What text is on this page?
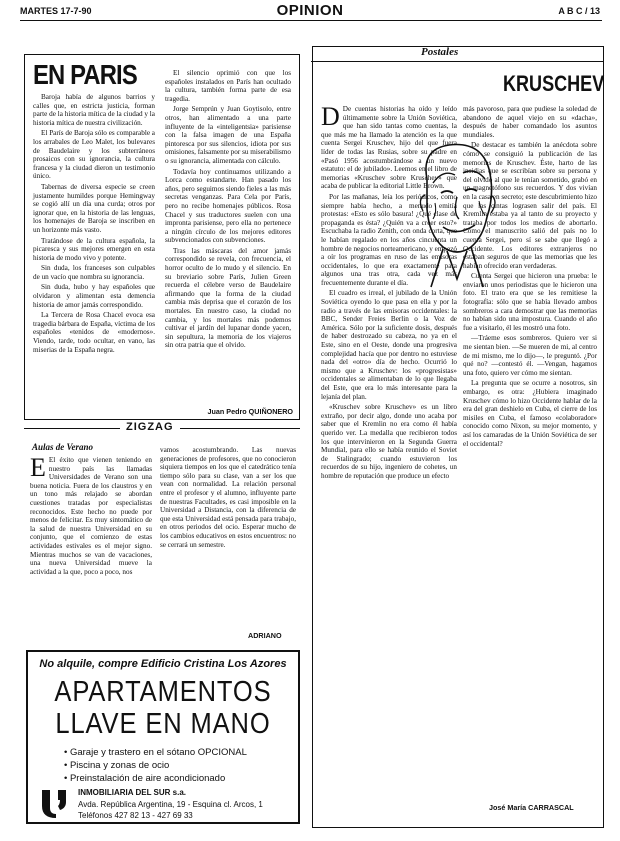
MARTES 17-7-90	OPINION	A B C / 13
EN PARIS

Baroja había de algunos barrios y calles que, en estricta justicia, forman parte de la historia mítica de la ciudad y la historia mítica de nuestra civilización.

El París de Baroja sólo es comparable a los arrabales de Leo Malet, los bulevares de Baudelaire y los subterráneos prosaicos con su ignorancia, la cultura francesa y la ciudad dieron un testimonio único.

Tabernas de diversa especie se creen justamente humildes porque Hemingway se cogió allí un día una curda; otros por ignorar que, en la historia de las lenguas, los homenajes de Baroja se inscriben en un horizonte más vasto.

Tratándose de la cultura española, la picaresca y sus mejores emergen en esta historia de modo vivo y potente.

Sin duda, los franceses son culpables de un vacío que nombra su ignorancia.

Sin duda, hubo y hay españoles que olvidaron y alimentan esta demencia historia de amor jamás correspondido.

La Tercera de Rosa Chacel evoca esa tragedia bárbara de España, víctima de los españoles «tenidos de «modernos». Viendo, tarde, todo ocultar, en vano, las miserias de la España negra.

El silencio oprimió con que los españoles instalados en París han ocultado la cultura, también forma parte de esa tragedia.

Jorge Semprún y Juan Goytisolo, entre otros, han alimentado a una parte influyente de la «inteligentsia» parisiense con la falsa imagen de una España pintoresca por sus silencios, idiota por sus omisiones, falsamente por su miserabilismo o su ignorancia, alimentada con cálculo.

Todavía hoy continuamos utilizando a Lorca como estandarte. Han pasado los años, pero seguimos siendo fieles a las más secretas venganzas. Para Cela por París, pero no recibe homenajes públicos. Rosa Chacel y sus traductores suelen con una impronta parisiense, pero ella no pertenece a ningún círculo de los mejores editores subvencionados con subvenciones.

Tras las máscaras del amor jamás correspondido se revela, con frecuencia, el horror oculto de lo mudo y el silencio. En su breviario sobre París, Julien Green recuerda el célebre verso de Baudelaire afirmando que la forma de la ciudad cambia más deprisa que el corazón de los mortales. En nuestro caso, la ciudad no cambia, y los mortales más podemos cultivar el jardín del lupanar donde yacen, sin sepultura, la memoria de los viajeros sin otra patria que el olvido.

Juan Pedro QUIÑONERO
ZIGZAG
Aulas de Verano

E El éxito que vienen teniendo en nuestro país las llamadas Universidades de Verano son una buena noticia. Fuera de los claustros y en un tono más relajado se abordan cuestiones tratadas por especialistas reconocidos. Este hecho no puede por menos de felicitar. Es muy sintomático de la salud de nuestra Universidad en su conjunto, que el comienzo de estas actividades estivales es el mejor signo. Mientras muchos se van de vacaciones, una nueva Universidad mueve la actividad a la que, poco a poco, nos

vamos acostumbrando. Las nuevas generaciones de profesores, que no conocieron siquiera tiempos en los que el catedrático tenía tiempo sólo para su clase, van a ser los que vean con normalidad. La relación personal entre el profesor y el alumno, influyente parte de nuestras Facultades, es casi imposible en la Universidad a Distancia, con la diferencia de que esta Universidad está pensada para trabajo, en otros periodos del ocio. Esperar mucho de los cambios educativos en estos encuentros: no se cerrará un semestre.

ADRIANO
No alquile, compre Edificio Cristina Los Azores
APARTAMENTOS
LLAVE EN MANO
• Garaje y trastero en el sótano OPCIONAL
• Piscina y zonas de ocio
• Preinstalación de aire acondicionado
INMOBILIARIA DEL SUR s.a.
Avda. República Argentina, 19 - Esquina cl. Arcos, 1
Teléfonos 427 82 13 - 427 69 33
Postales
KRUSCHEV

D De cuentas historias ha oído y leído últimamente sobre la Unión Soviética, que han sido tantas como cuentas, la que más me ha llamado la atención es la que cuenta Sergei Kruschev, hijo del que fuera líder de todas las Rusias, sobre su padre en «Pasó 1956 acostumbrándose a un nuevo estatuto: el de jubilado». Leemos en el libro de memorias «Kruschev sobre Kruschev» que acaba de publicar la editorial Little Brown.

Por las mañanas, leía los periódicos, como siempre había hecho, a menudo emitía protestas: «Esto es sólo basura! ¿Qué clase de propaganda es ésta? ¿Quién va a creer esto?» Escuchaba la radio Zenith, con onda corta, que le habían regalado en los años cincuenta un hombre de negocios norteamericano, y empezó a oír los programas en ruso de las emisoras occidentales, lo que era exactamente para algunos una tras otra, cada vez más frecuentemente durante el día.

El cuadro es irreal, el jubilado de la Unión Soviética oyendo lo que pasa en ella y por la radio a través de las emisoras occidentales: la BBC, Sender Freies Berlin o la Voz de América. Sólo por la suficiente dosis, después de haber destrozado su cabeza, no ya en el Este, sino en el Oeste, donde una progresiva complejidad hacía que por dentro no estuviese nada del «otro» día de hecho. Ocurrió lo mismo que a Kruschev: los «progresistas» occidentales se alimentaban de lo que llegaba del Este, que era lo más interesante para la lejanía del plan.

«Kruschev sobre Kruschev» es un libro extraño, por decir algo, donde uno acaba por saber que el Kremlin no era como él había querido ver. La medalla que recibieron todos los que intervinieron en la Segunda Guerra Mundial, para ello se había reunido el Soviet de Stalingrado; cuando estuvieron los recuerdos de su hijo, ingeniero de cohetes, un hombre de reputación que produce un efecto

más pavoroso, para que pudiese la soledad de abandono de aquel viejo en su «dacha», después de haber comandado los asuntos mundiales.

De destacar es también la anécdota sobre cómo se consiguió la publicación de las memorias de Kruschev. Éste, harto de las insidias que se escribían sobre su persona y del olvido al que le tenían sometido, grabó en un magnetófono sus recuerdos. Y dos vivían en la casa en secreto; este descubrimiento hizo que las cintas lograsen salir del país. El Kremlin estaba ya al tanto de su proyecto y trataba por todos los medios de abortarlo. Cómo el manuscrito salió del país no lo cuenta Sergei, pero sí se sabe que llegó a Occidente. Los editores extranjeros no estaban seguros de que las memorias que les habían ofrecido eran verdaderas.

Cuenta Sergei que hicieron una prueba: le enviaron unos periodistas que le hicieron una foto. El trato era que se les remitiese la fotografía: sólo que se había llevado ambos sombreros a cara demostrar que las memorias no habían sido una impostura. Cuando el año fue a visitarlo, él les mostró una foto.

—Tráeme esos sombreros. Quiero ver si me sientan bien. —Se mueren de mi, al centro de mi mismo, me lo dijo—, le preguntó. ¿Por qué no? —contestó él. —Vengan, hagamos una foto, quiero ver cómo me sientan.

La pregunta que se ocurre a nosotros, sin embargo, es otra: ¿Hubiera imaginado Kruschev cómo lo hizo Occidente hablar de la era del gran deshielo en Cuba, el cierre de los misiles en Cuba, el famoso «colaborador» conocido como Nixon, su mejor momento, y así los camaradas de la Unión Soviética de ser el occidental?

José María CARRASCAL
